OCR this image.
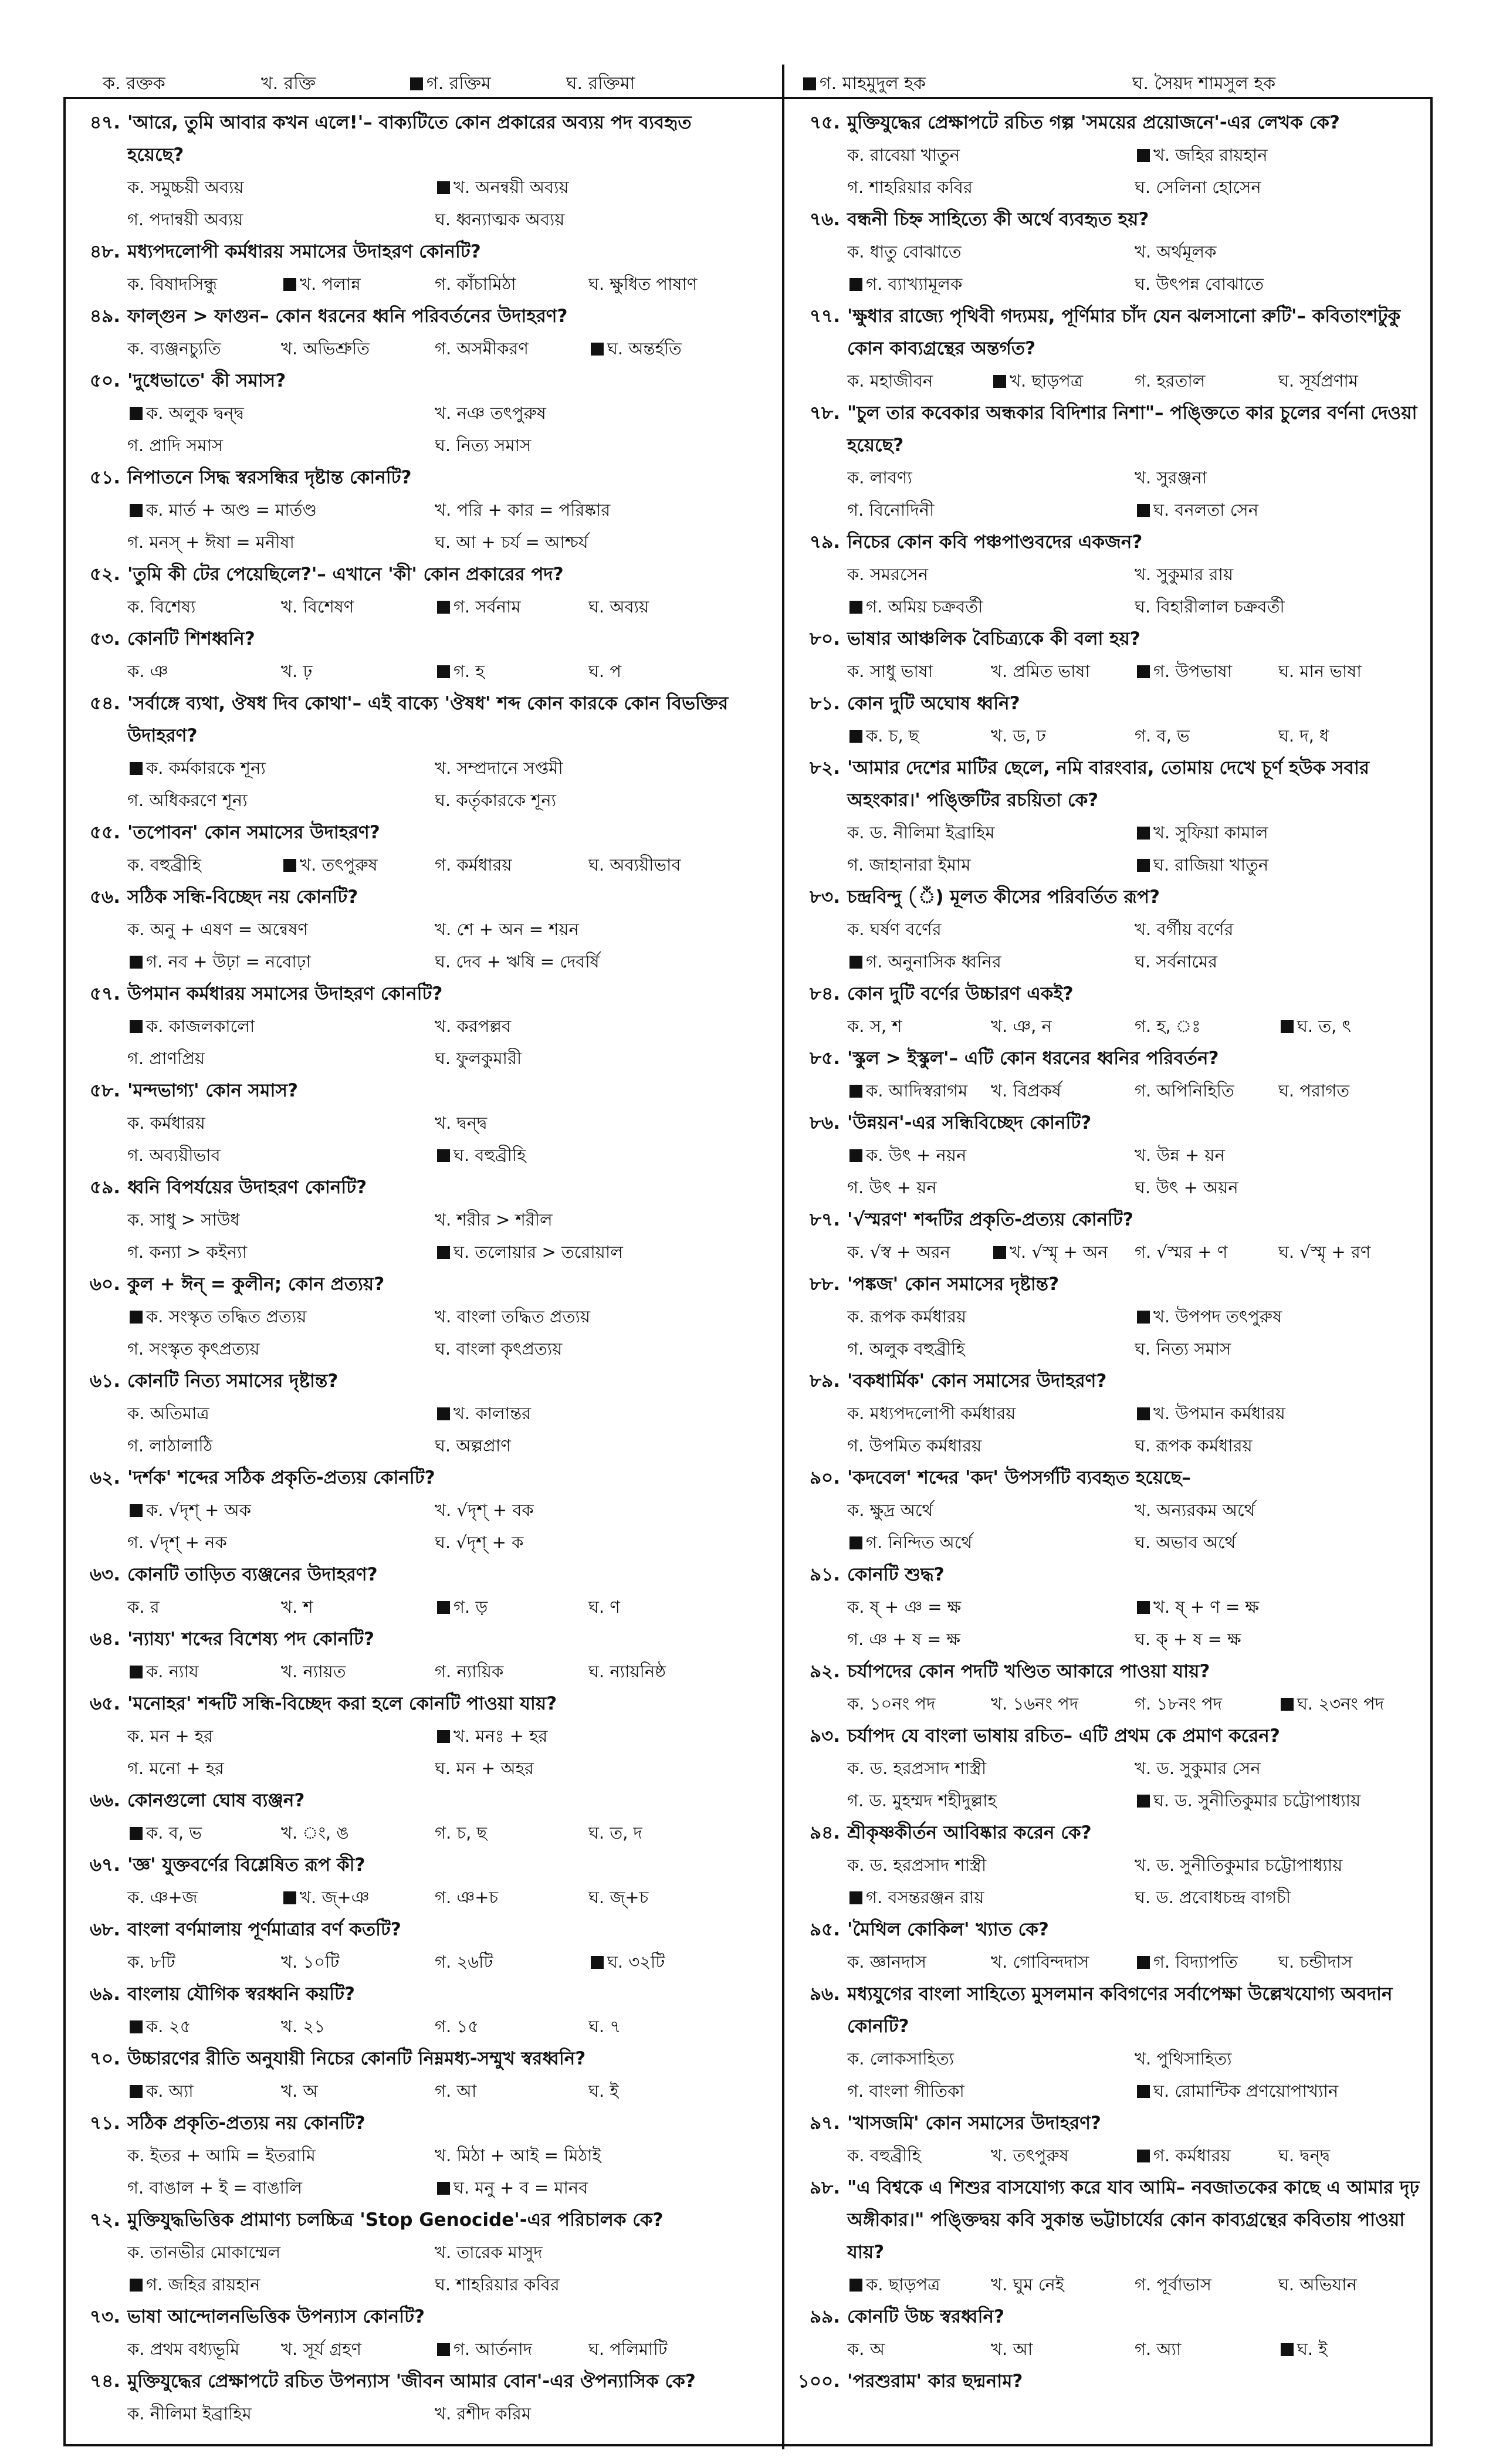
ক. রক্তক	খ. রক্তি	গ. রক্তিম	ঘ. রক্তিমা	গ. মাহমুদুল হক	ঘ. সৈয়দ শামসুল হক
৪৭. 'আরে, তুমি আবার কখন এলে!'– বাক্যটিতে কোন প্রকারের অব্যয় পদ ব্যবহৃত হয়েছে?
ক. সমুচ্চয়ী অব্যয়	খ. অনন্বয়ী অব্যয়
গ. পদান্বয়ী অব্যয়	ঘ. ধ্বন্যাত্মক অব্যয়
৪৮. মধ্যপদলোপী কর্মধারয় সমাসের উদাহরণ কোনটি?
ক. বিষাদসিন্ধু	খ. পলান্ন	গ. কাঁচামিঠা	ঘ. ক্ষুধিত পাষাণ
৪৯. ফাল্গুন > ফাগুন– কোন ধরনের ধ্বনি পরিবর্তনের উদাহরণ?
ক. ব্যঞ্জনচ্যুতি	খ. অভিশ্রুতি	গ. অসমীকরণ	ঘ. অন্তর্হতি
৫০. 'দুধেভাতে' কী সমাস?
ক. অলুক দ্বন্দ্ব	খ. নঞ তৎপুরুষ
গ. প্রাদি সমাস	ঘ. নিত্য সমাস
৫১. নিপাতনে সিদ্ধ স্বরসন্ধির দৃষ্টান্ত কোনটি?
ক. মার্ত + অণ্ড = মার্তণ্ড	খ. পরি + কার = পরিষ্কার
গ. মনস্ + ঈষা = মনীষা	ঘ. আ + চর্য = আশ্চর্য
৫২. 'তুমি কী টের পেয়েছিলে?'– এখানে 'কী' কোন প্রকারের পদ?
ক. বিশেষ্য	খ. বিশেষণ	গ. সর্বনাম	ঘ. অব্যয়
৫৩. কোনটি শিশধ্বনি?
ক. ঞ	খ. ঢ়	গ. হ	ঘ. প
৫৪. 'সর্বাঙ্গে ব্যথা, ঔষধ দিব কোথা'– এই বাক্যে 'ঔষধ' শব্দ কোন কারকে কোন বিভক্তির উদাহরণ?
ক. কর্মকারকে শূন্য	খ. সম্প্রদানে সপ্তমী
গ. অধিকরণে শূন্য	ঘ. কর্তৃকারকে শূন্য
৫৫. 'তপোবন' কোন সমাসের উদাহরণ?
ক. বহুব্রীহি	খ. তৎপুরুষ	গ. কর্মধারয়	ঘ. অব্যয়ীভাব
৫৬. সঠিক সন্ধি-বিচ্ছেদ নয় কোনটি?
ক. অনু + এষণ = অন্বেষণ	খ. শে + অন = শয়ন
গ. নব + উঢ়া = নবোঢ়া	ঘ. দেব + ঋষি = দেবর্ষি
৫৭. উপমান কর্মধারয় সমাসের উদাহরণ কোনটি?
ক. কাজলকালো	খ. করপল্লব
গ. প্রাণপ্রিয়	ঘ. ফুলকুমারী
৫৮. 'মন্দভাগ্য' কোন সমাস?
ক. কর্মধারয়	খ. দ্বন্দ্ব
গ. অব্যয়ীভাব	ঘ. বহুব্রীহি
৫৯. ধ্বনি বিপর্যয়ের উদাহরণ কোনটি?
ক. সাধু > সাউধ	খ. শরীর > শরীল
গ. কন্যা > কইন্যা	ঘ. তলোয়ার > তরোয়াল
৬০. কুল + ঈন্ = কুলীন; কোন প্রত্যয়?
ক. সংস্কৃত তদ্ধিত প্রত্যয়	খ. বাংলা তদ্ধিত প্রত্যয়
গ. সংস্কৃত কৃৎপ্রত্যয়	ঘ. বাংলা কৃৎপ্রত্যয়
৬১. কোনটি নিত্য সমাসের দৃষ্টান্ত?
ক. অতিমাত্র	খ. কালান্তর
গ. লাঠালাঠি	ঘ. অল্পপ্রাণ
৬২. 'দর্শক' শব্দের সঠিক প্রকৃতি-প্রত্যয় কোনটি?
ক. √দৃশ্ + অক	খ. √দৃশ্ + বক
গ. √দৃশ্ + নক	ঘ. √দৃশ্ + ক
৬৩. কোনটি তাড়িত ব্যঞ্জনের উদাহরণ?
ক. র	খ. শ	গ. ড়	ঘ. ণ
৬৪. 'ন্যায্য' শব্দের বিশেষ্য পদ কোনটি?
ক. ন্যায	খ. ন্যায়ত	গ. ন্যায়িক	ঘ. ন্যায়নিষ্ঠ
৬৫. 'মনোহর' শব্দটি সন্ধি-বিচ্ছেদ করা হলে কোনটি পাওয়া যায়?
ক. মন + হর	খ. মনঃ + হর
গ. মনো + হর	ঘ. মন + অহর
৬৬. কোনগুলো ঘোষ ব্যঞ্জন?
ক. ব, ভ	খ. ং, ঙ	গ. চ, ছ	ঘ. ত, দ
৬৭. 'জ্ঞ' যুক্তবর্ণের বিশ্লেষিত রূপ কী?
ক. ঞ+জ	খ. জ্+ঞ	গ. ঞ+চ	ঘ. জ্+চ
৬৮. বাংলা বর্ণমালায় পূর্ণমাত্রার বর্ণ কতটি?
ক. ৮টি	খ. ১০টি	গ. ২৬টি	ঘ. ৩২টি
৬৯. বাংলায় যৌগিক স্বরধ্বনি কয়টি?
ক. ২৫	খ. ২১	গ. ১৫	ঘ. ৭
৭০. উচ্চারণের রীতি অনুযায়ী নিচের কোনটি নিম্নমধ্য-সম্মুখ স্বরধ্বনি?
ক. অ্যা	খ. অ	গ. আ	ঘ. ই
৭১. সঠিক প্রকৃতি-প্রত্যয় নয় কোনটি?
ক. ইতর + আমি = ইতরামি	খ. মিঠা + আই = মিঠাই
গ. বাঙাল + ই = বাঙালি	ঘ. মনু + ব = মানব
৭২. মুক্তিযুদ্ধভিত্তিক প্রামাণ্য চলচ্চিত্র 'Stop Genocide'-এর পরিচালক কে?
ক. তানভীর মোকাম্মেল	খ. তারেক মাসুদ
গ. জহির রায়হান	ঘ. শাহরিয়ার কবির
৭৩. ভাষা আন্দোলনভিত্তিক উপন্যাস কোনটি?
ক. প্রথম বধ্যভূমি	খ. সূর্য গ্রহণ	গ. আর্তনাদ	ঘ. পলিমাটি
৭৪. মুক্তিযুদ্ধের প্রেক্ষাপটে রচিত উপন্যাস 'জীবন আমার বোন'-এর ঔপন্যাসিক কে?
ক. নীলিমা ইব্রাহিম	খ. রশীদ করিম
৭৫. মুক্তিযুদ্ধের প্রেক্ষাপটে রচিত গল্প 'সময়ের প্রয়োজনে'-এর লেখক কে?
ক. রাবেয়া খাতুন	খ. জহির রায়হান
গ. শাহরিয়ার কবির	ঘ. সেলিনা হোসেন
৭৬. বন্ধনী চিহ্ন সাহিত্যে কী অর্থে ব্যবহৃত হয়?
ক. ধাতু বোঝাতে	খ. অর্থমূলক
গ. ব্যাখ্যামূলক	ঘ. উৎপন্ন বোঝাতে
৭৭. 'ক্ষুধার রাজ্যে পৃথিবী গদ্যময়, পূর্ণিমার চাঁদ যেন ঝলসানো রুটি'– কবিতাংশটুকু কোন কাব্যগ্রন্থের অন্তর্গত?
ক. মহাজীবন	খ. ছাড়পত্র	গ. হরতাল	ঘ. সূর্যপ্রণাম
৭৮. "চুল তার কবেকার অন্ধকার বিদিশার নিশা"– পঙ্ক্তিতে কার চুলের বর্ণনা দেওয়া হয়েছে?
ক. লাবণ্য	খ. সুরঞ্জনা
গ. বিনোদিনী	ঘ. বনলতা সেন
৭৯. নিচের কোন কবি পঞ্চপাণ্ডবদের একজন?
ক. সমরসেন	খ. সুকুমার রায়
গ. অমিয় চক্রবর্তী	ঘ. বিহারীলাল চক্রবর্তী
৮০. ভাষার আঞ্চলিক বৈচিত্র্যকে কী বলা হয়?
ক. সাধু ভাষা	খ. প্রমিত ভাষা	গ. উপভাষা	ঘ. মান ভাষা
৮১. কোন দুটি অঘোষ ধ্বনি?
ক. চ, ছ	খ. ড, ঢ	গ. ব, ভ	ঘ. দ, ধ
৮২. 'আমার দেশের মাটির ছেলে, নমি বারংবার, তোমায় দেখে চূর্ণ হউক সবার অহংকার।' পঙ্ক্তিটির রচয়িতা কে?
ক. ড. নীলিমা ইব্রাহিম	খ. সুফিয়া কামাল
গ. জাহানারা ইমাম	ঘ. রাজিয়া খাতুন
৮৩. চন্দ্রবিন্দু (ঁ) মূলত কীসের পরিবর্তিত রূপ?
ক. ঘর্ষণ বর্ণের	খ. বর্গীয় বর্ণের
গ. অনুনাসিক ধ্বনির	ঘ. সর্বনামের
৮৪. কোন দুটি বর্ণের উচ্চারণ একই?
ক. স, শ	খ. ঞ, ন	গ. হ, ঃ	ঘ. ত, ৎ
৮৫. 'স্কুল > ইস্কুল'– এটি কোন ধরনের ধ্বনির পরিবর্তন?
ক. আদিস্বরাগম	খ. বিপ্রকর্ষ	গ. অপিনিহিতি	ঘ. পরাগত
৮৬. 'উন্নয়ন'-এর সন্ধিবিচ্ছেদ কোনটি?
ক. উৎ + নয়ন	খ. উন্ন + য়ন
গ. উৎ + য়ন	ঘ. উৎ + অয়ন
৮৭. '√স্মরণ' শব্দটির প্রকৃতি-প্রত্যয় কোনটি?
ক. √স্ব + অরন	খ. √স্মৃ + অন	গ. √স্মর + ণ	ঘ. √স্মৃ + রণ
৮৮. 'পঙ্কজ' কোন সমাসের দৃষ্টান্ত?
ক. রূপক কর্মধারয়	খ. উপপদ তৎপুরুষ
গ. অলুক বহুব্রীহি	ঘ. নিত্য সমাস
৮৯. 'বকধার্মিক' কোন সমাসের উদাহরণ?
ক. মধ্যপদলোপী কর্মধারয়	খ. উপমান কর্মধারয়
গ. উপমিত কর্মধারয়	ঘ. রূপক কর্মধারয়
৯০. 'কদবেল' শব্দের 'কদ' উপসর্গটি ব্যবহৃত হয়েছে–
ক. ক্ষুদ্র অর্থে	খ. অন্যরকম অর্থে
গ. নিন্দিত অর্থে	ঘ. অভাব অর্থে
৯১. কোনটি শুদ্ধ?
ক. ষ্ + ঞ = ক্ষ	খ. ষ্ + ণ = ক্ষ
গ. ঞ + ষ = ক্ষ	ঘ. ক্ + ষ = ক্ষ
৯২. চর্যাপদের কোন পদটি খণ্ডিত আকারে পাওয়া যায়?
ক. ১০নং পদ	খ. ১৬নং পদ	গ. ১৮নং পদ	ঘ. ২৩নং পদ
৯৩. চর্যাপদ যে বাংলা ভাষায় রচিত– এটি প্রথম কে প্রমাণ করেন?
ক. ড. হরপ্রসাদ শাস্ত্রী	খ. ড. সুকুমার সেন
গ. ড. মুহম্মদ শহীদুল্লাহ	ঘ. ড. সুনীতিকুমার চট্টোপাধ্যায়
৯৪. শ্রীকৃষ্ণকীর্তন আবিষ্কার করেন কে?
ক. ড. হরপ্রসাদ শাস্ত্রী	খ. ড. সুনীতিকুমার চট্টোপাধ্যায়
গ. বসন্তরঞ্জন রায়	ঘ. ড. প্রবোধচন্দ্র বাগচী
৯৫. 'মৈথিল কোকিল' খ্যাত কে?
ক. জ্ঞানদাস	খ. গোবিন্দদাস	গ. বিদ্যাপতি	ঘ. চন্ডীদাস
৯৬. মধ্যযুগের বাংলা সাহিত্যে মুসলমান কবিগণের সর্বাপেক্ষা উল্লেখযোগ্য অবদান কোনটি?
ক. লোকসাহিত্য	খ. পুথিসাহিত্য
গ. বাংলা গীতিকা	ঘ. রোমান্টিক প্রণয়োপাখ্যান
৯৭. 'খাসজমি' কোন সমাসের উদাহরণ?
ক. বহুব্রীহি	খ. তৎপুরুষ	গ. কর্মধারয়	ঘ. দ্বন্দ্ব
৯৮. "এ বিশ্বকে এ শিশুর বাসযোগ্য করে যাব আমি– নবজাতকের কাছে এ আমার দৃঢ় অঙ্গীকার।" পঙ্ক্তিদ্বয় কবি সুকান্ত ভট্টাচার্যের কোন কাব্যগ্রন্থের কবিতায় পাওয়া যায়?
ক. ছাড়পত্র	খ. ঘুম নেই	গ. পূর্বাভাস	ঘ. অভিযান
৯৯. কোনটি উচ্চ স্বরধ্বনি?
ক. অ	খ. আ	গ. অ্যা	ঘ. ই
১০০. 'পরশুরাম' কার ছদ্মনাম?
